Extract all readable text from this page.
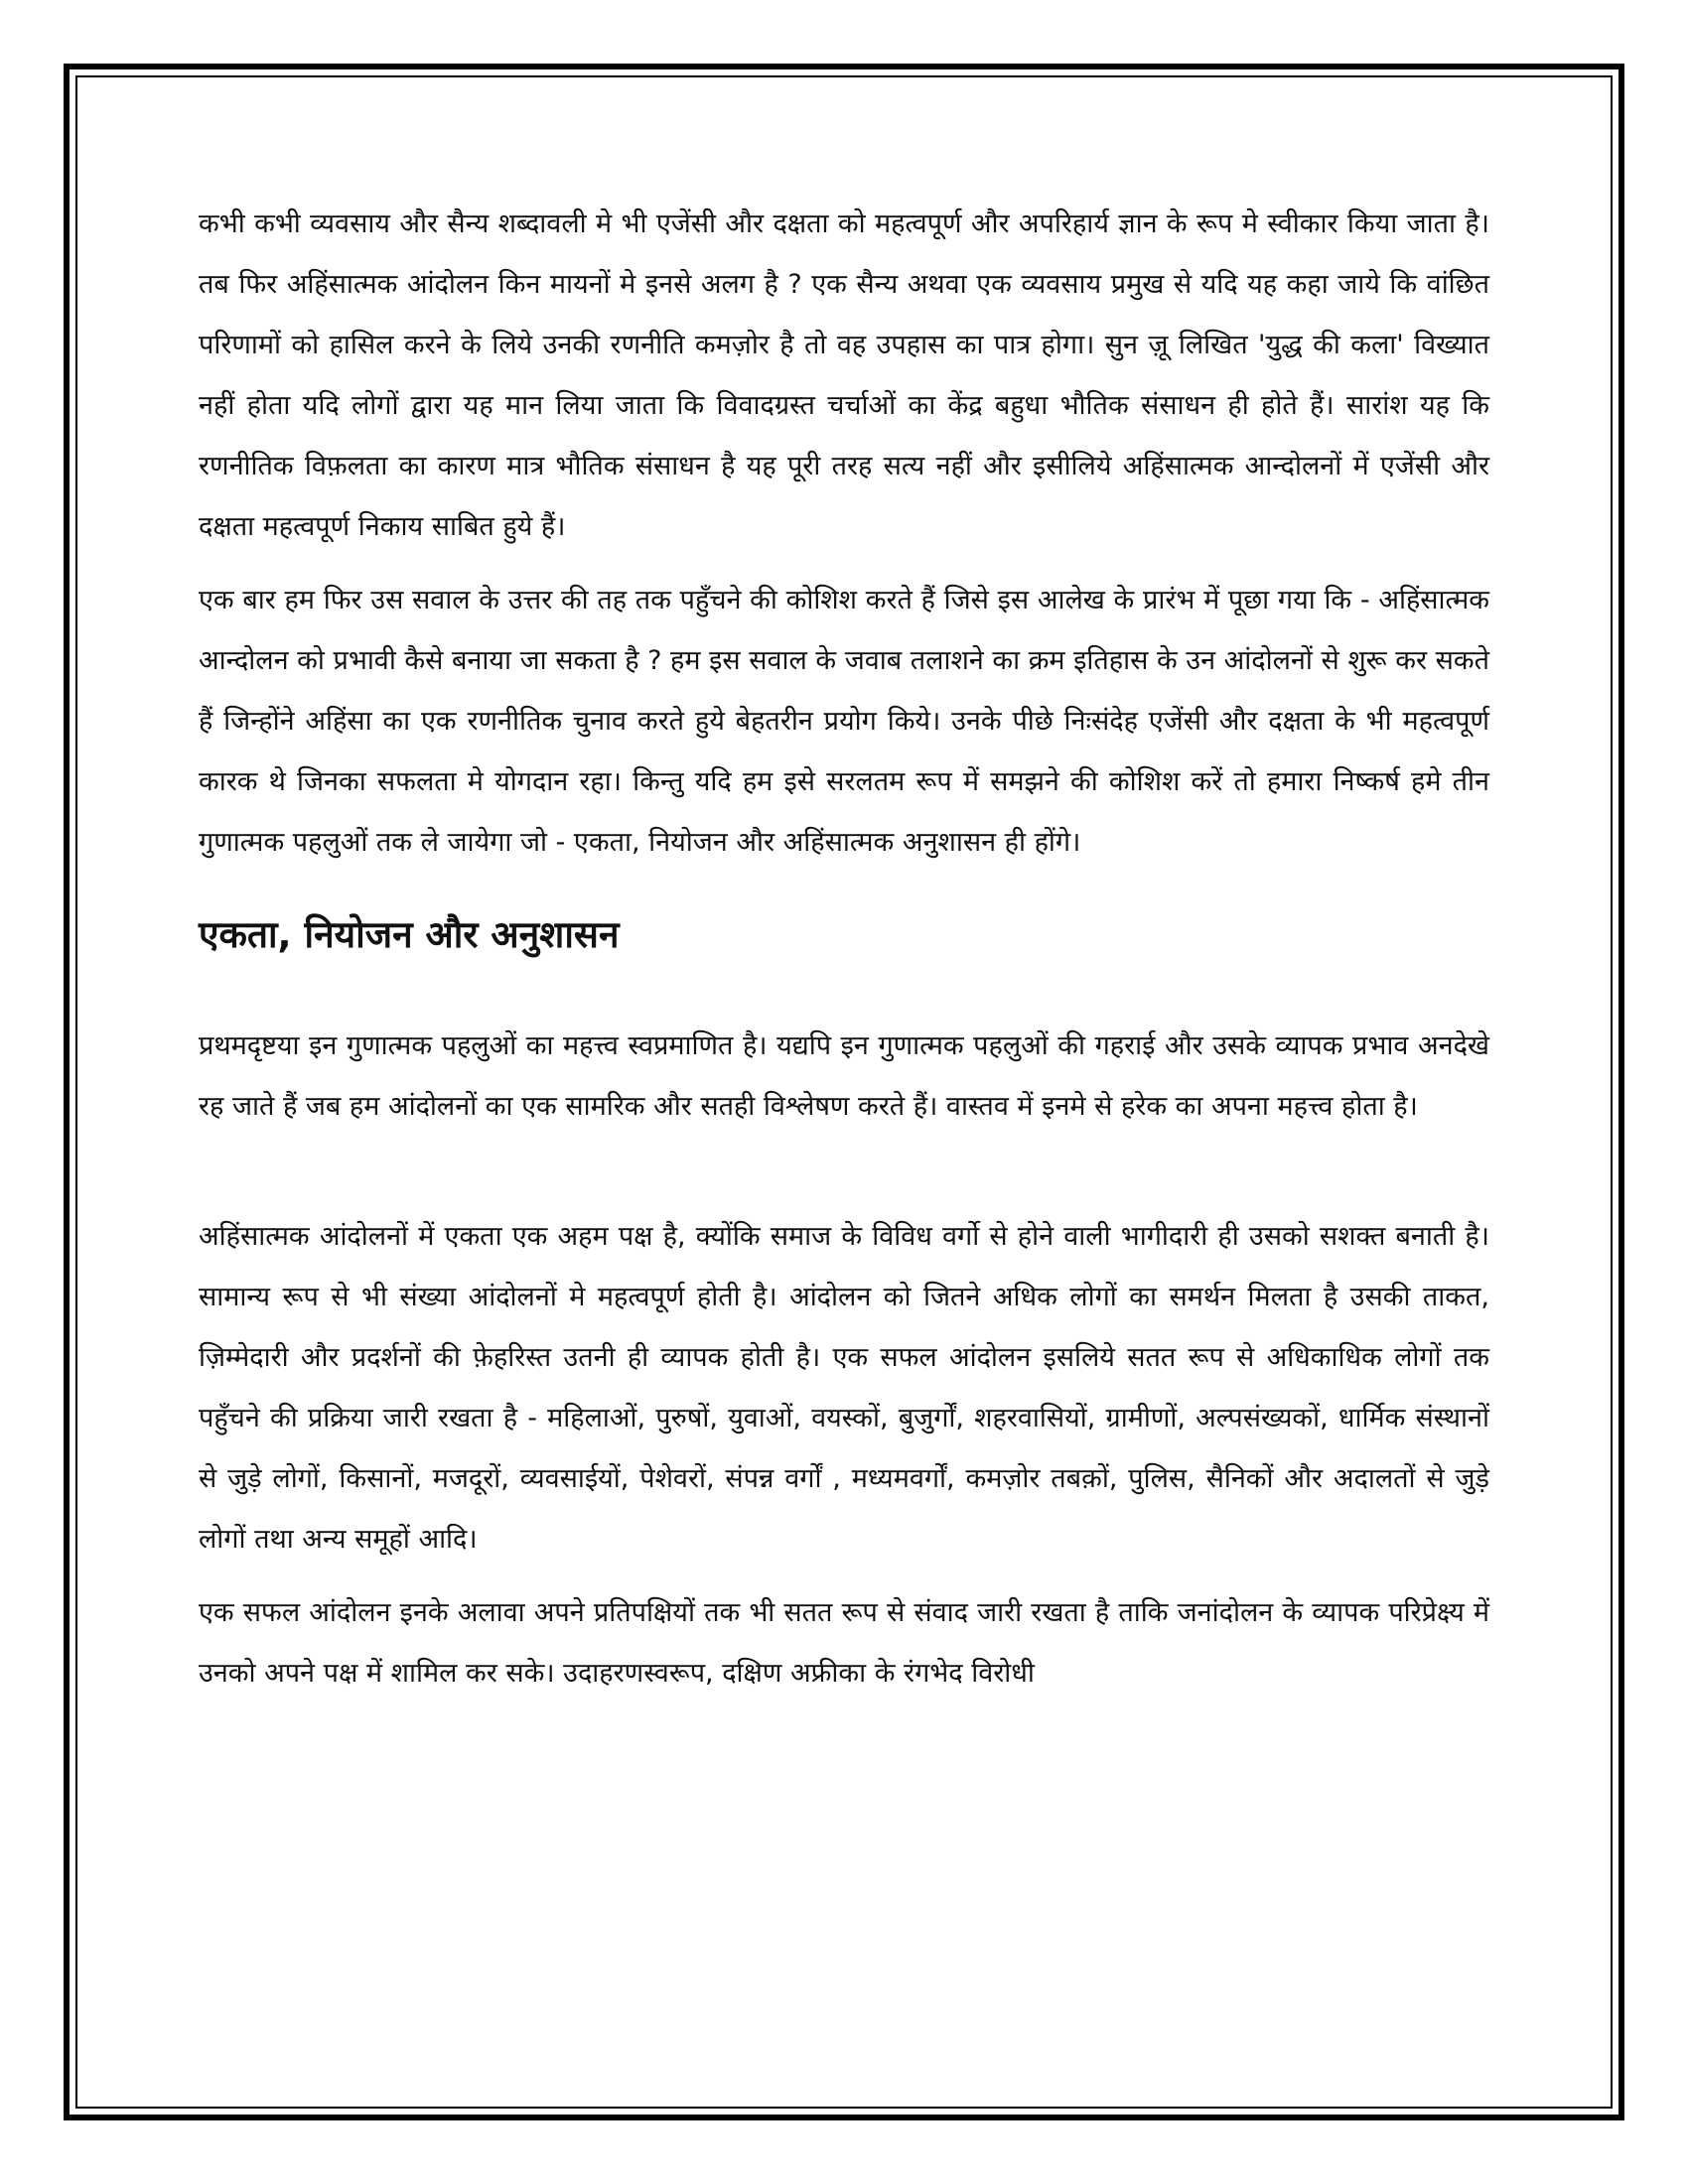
कभी कभी व्यवसाय और सैन्य शब्दावली मे भी एजेंसी और दक्षता को महत्वपूर्ण और अपरिहार्य ज्ञान के रूप मे स्वीकार किया जाता है। तब फिर अहिंसात्मक आंदोलन किन मायनों मे इनसे अलग है ? एक सैन्य अथवा एक व्यवसाय प्रमुख से यदि यह कहा जाये कि वांछित परिणामों को हासिल करने के लिये उनकी रणनीति कमज़ोर है तो वह उपहास का पात्र होगा। सुन ज़ू लिखित 'युद्ध की कला' विख्यात नहीं होता यदि लोगों द्वारा यह मान लिया जाता कि विवादग्रस्त चर्चाओं का केंद्र बहुधा भौतिक संसाधन ही होते हैं। सारांश यह कि रणनीतिक विफ़लता का कारण मात्र भौतिक संसाधन है यह पूरी तरह सत्य नहीं और इसीलिये अहिंसात्मक आन्दोलनों में एजेंसी और दक्षता महत्वपूर्ण निकाय साबित हुये हैं।

एक बार हम फिर उस सवाल के उत्तर की तह तक पहुँचने की कोशिश करते हैं जिसे इस आलेख के प्रारंभ में पूछा गया कि - अहिंसात्मक आन्दोलन को प्रभावी कैसे बनाया जा सकता है ? हम इस सवाल के जवाब तलाशने का क्रम इतिहास के उन आंदोलनों से शुरू कर सकते हैं जिन्होंने अहिंसा का एक रणनीतिक चुनाव करते हुये बेहतरीन प्रयोग किये। उनके पीछे निःसंदेह एजेंसी और दक्षता के भी महत्वपूर्ण कारक थे जिनका सफलता मे योगदान रहा। किन्तु यदि हम इसे सरलतम रूप में समझने की कोशिश करें तो हमारा निष्कर्ष हमे तीन गुणात्मक पहलुओं तक ले जायेगा जो - एकता, नियोजन और अहिंसात्मक अनुशासन ही होंगे।

एकता, नियोजन और अनुशासन

प्रथमदृष्टया इन गुणात्मक पहलुओं का महत्त्व स्वप्रमाणित है। यद्यपि इन गुणात्मक पहलुओं की गहराई और उसके व्यापक प्रभाव अनदेखे रह जाते हैं जब हम आंदोलनों का एक सामरिक और सतही विश्लेषण करते हैं। वास्तव में इनमे से हरेक का अपना महत्त्व होता है।

अहिंसात्मक आंदोलनों में एकता एक अहम पक्ष है, क्योंकि समाज के विविध वर्गो से होने वाली भागीदारी ही उसको सशक्त बनाती है। सामान्य रूप से भी संख्या आंदोलनों मे महत्वपूर्ण होती है। आंदोलन को जितने अधिक लोगों का समर्थन मिलता है उसकी ताकत, ज़िम्मेदारी और प्रदर्शनों की फ़ेहरिस्त उतनी ही व्यापक होती है। एक सफल आंदोलन इसलिये सतत रूप से अधिकाधिक लोगों तक पहुँचने की प्रक्रिया जारी रखता है - महिलाओं, पुरुषों, युवाओं, वयस्कों, बुजुर्गों, शहरवासियों, ग्रामीणों, अल्पसंख्यकों, धार्मिक संस्थानों से जुड़े लोगों, किसानों, मजदूरों, व्यवसाईयों, पेशेवरों, संपन्न वर्गों , मध्यमवर्गों, कमज़ोर तबक़ों, पुलिस, सैनिकों और अदालतों से जुड़े लोगों तथा अन्य समूहों आदि।

एक सफल आंदोलन इनके अलावा अपने प्रतिपक्षियों तक भी सतत रूप से संवाद जारी रखता है ताकि जनांदोलन के व्यापक परिप्रेक्ष्य में उनको अपने पक्ष में शामिल कर सके। उदाहरणस्वरूप, दक्षिण अफ्रीका के रंगभेद विरोधी
